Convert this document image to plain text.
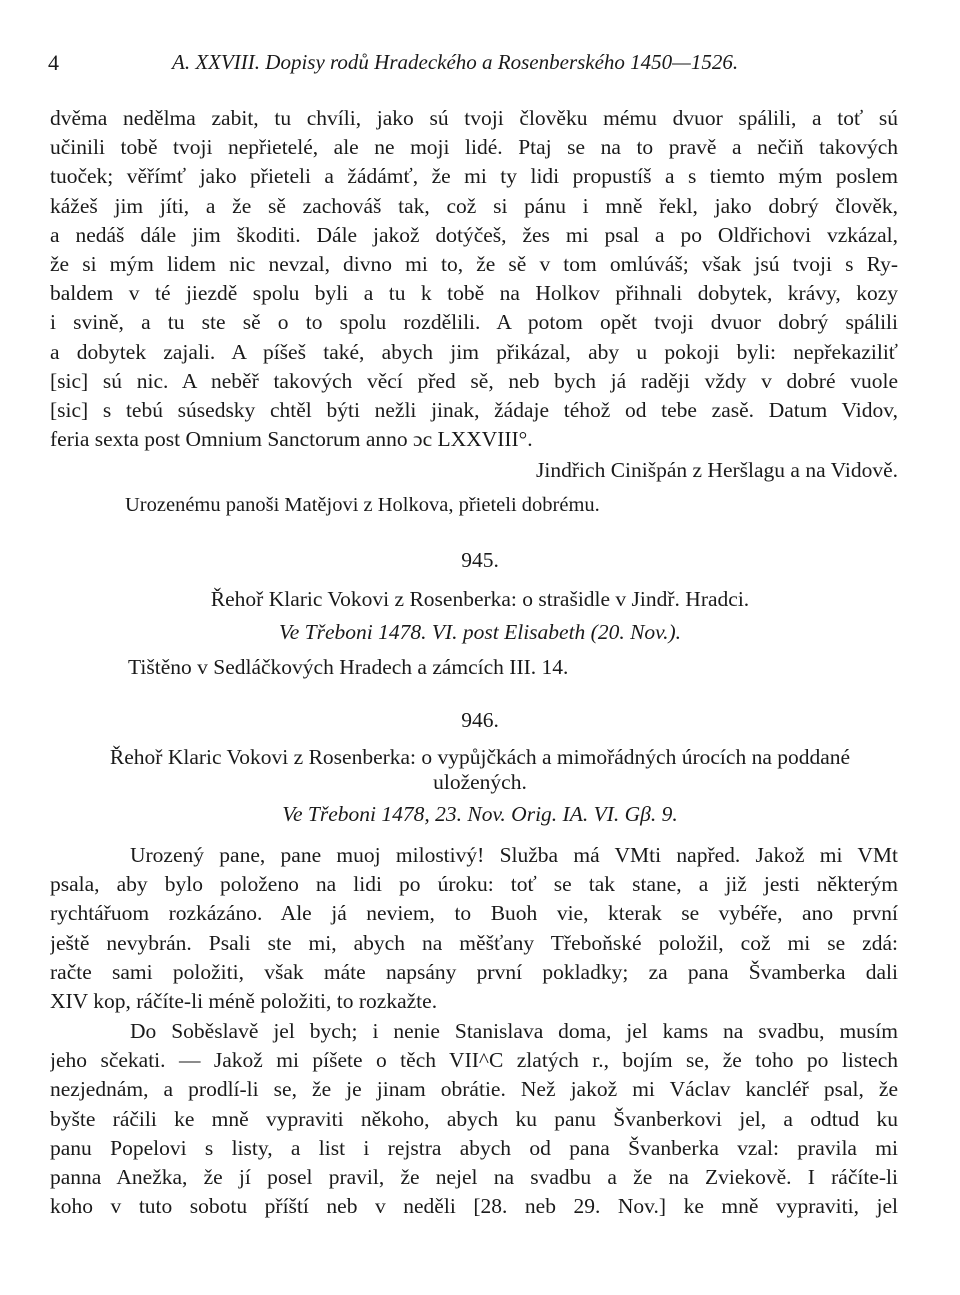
4	A. XXVIII. Dopisy rodů Hradeckého a Rosenberského 1450—1526.
dvěma nedělma zabit, tu chvíli, jako sú tvoji člověku mému dvuor spálili, a toť sú
učinili tobě tvoji nepřietelé, ale ne moji lidé. Ptaj se na to pravě a nečiň takových
tuoček; věřímť jako přieteli a žádámť, že mi ty lidi propustíš a s tiemto mým poslem
kážeš jim jíti, a že sě zachováš tak, což si pánu i mně řekl, jako dobrý člověk,
a nedáš dále jim škoditi. Dále jakož dotýčeš, žes mi psal a po Oldřichovi vzkázal,
že si mým lidem nic nevzal, divno mi to, že sě v tom omlúváš; však jsú tvoji s Ry-
baldem v té jiezdě spolu byli a tu k tobě na Holkov přihnali dobytek, krávy, kozy
i svině, a tu ste sě o to spolu rozdělili. A potom opět tvoji dvuor dobrý spálili
a dobytek zajali. A píšeš také, abych jim přikázal, aby u pokoji byli: nepřekaziliť
[sic] sú nic. A neběř takových věcí před sě, neb bych já raději vždy v dobré vuole
[sic] s tebú súsedsky chtěl býti nežli jinak, žádaje téhož od tebe zasě. Datum Vidov,
feria sexta post Omnium Sanctorum anno ɔc LXXVIII°.
Jindřich Cinišpán z Heršlagu a na Vidově.
Urozenému panoši Matějovi z Holkova, přieteli dobrému.
945.
Řehoř Klaric Vokovi z Rosenberka: o strašidle v Jindř. Hradci.
Ve Třeboni 1478. VI. post Elisabeth (20. Nov.).
Tištěno v Sedláčkových Hradech a zámcích III. 14.
946.
Řehoř Klaric Vokovi z Rosenberka: o vypůjčkách a mimořádných úrocích na poddané
uložených.
Ve Třeboni 1478, 23. Nov. Orig. IA. VI. Gβ. 9.
Urozený pane, pane muoj milostivý! Služba má VMti napřed. Jakož mi VMt
psala, aby bylo položeno na lidi po úroku: toť se tak stane, a již jesti některým
rychtářuom rozkázáno. Ale já neviem, to Buoh vie, kterak se vybéře, ano první
ještě nevybrán. Psali ste mi, abych na měšťany Třeboňské položil, což mi se zdá:
račte sami položiti, však máte napsány první pokladky; za pana Švamberka dali
XIV kop, ráčíte-li méně položiti, to rozkažte.
Do Soběslavě jel bych; i nenie Stanislava doma, jel kams na svadbu, musím
jeho sčekati. — Jakož mi píšete o těch VII^C zlatých r., bojím se, že toho po listech
nezjednám, a prodlí-li se, že je jinam obrátie. Než jakož mi Václav kancléř psal, že
byšte ráčili ke mně vypraviti někoho, abych ku panu Švanberkovi jel, a odtud ku
panu Popelovi s listy, a list i rejstra abych od pana Švanberka vzal: pravila mi
panna Anežka, že jí posel pravil, že nejel na svadbu a že na Zviekově. I ráčíte-li
koho v tuto sobotu příští neb v neděli [28. neb 29. Nov.] ke mně vypraviti, jel
